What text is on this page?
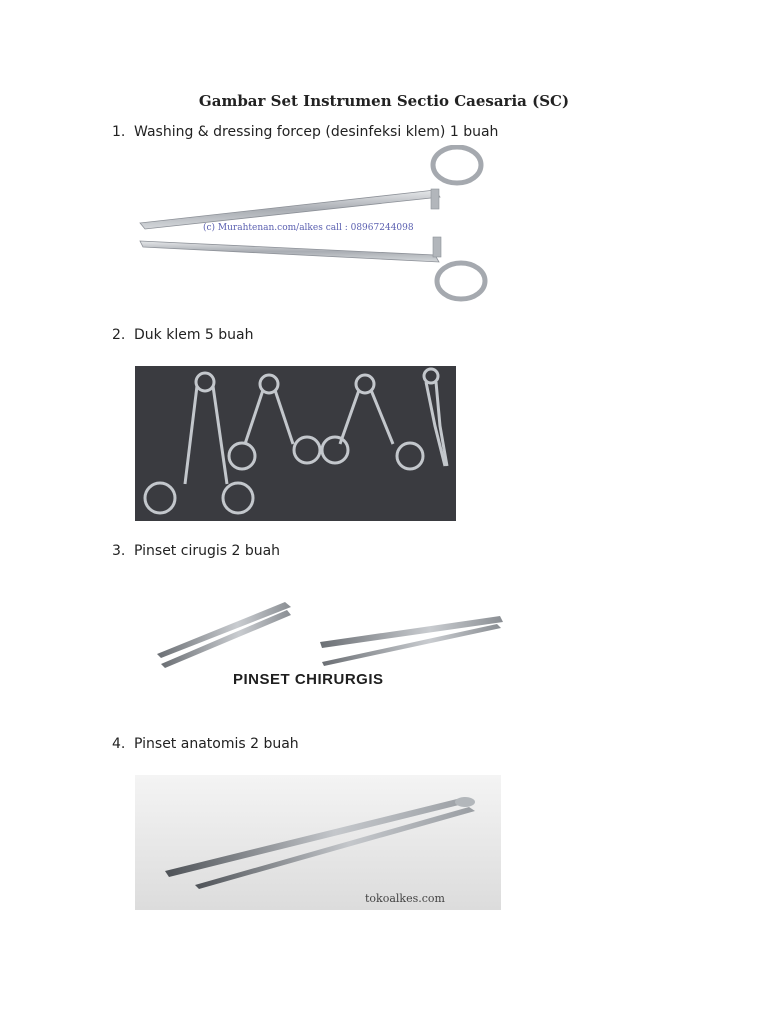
Gambar Set Instrumen Sectio Caesaria (SC)
1. Washing & dressing forcep (desinfeksi klem) 1 buah
(c) Murahtenan.com/alkes call : 08967244098
2. Duk klem 5 buah
3. Pinset cirugis 2 buah
PINSET CHIRURGIS
4. Pinset anatomis 2 buah
tokoalkes.com
